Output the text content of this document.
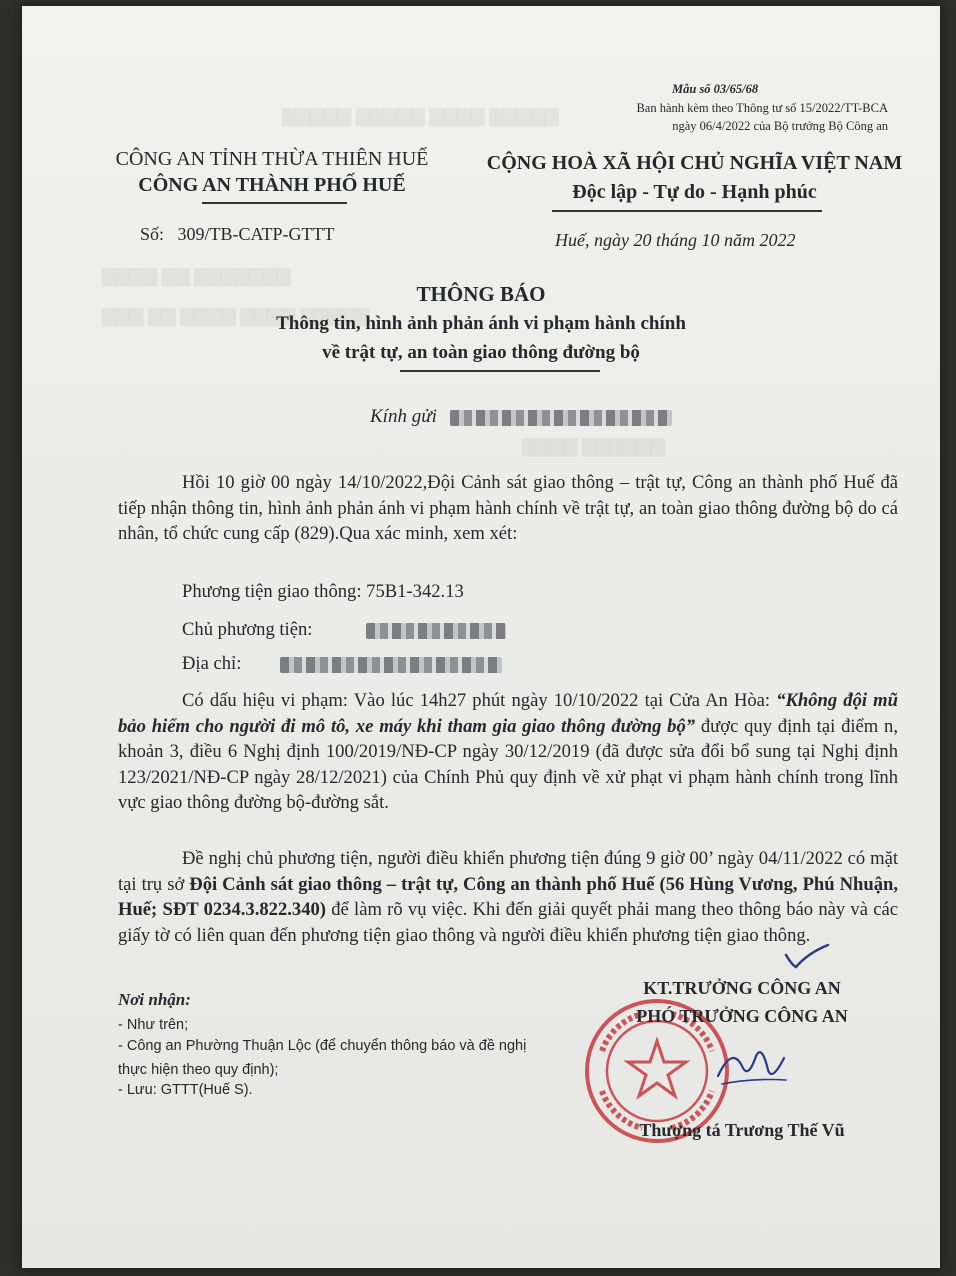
▇▇▇▇▇ ▇▇▇▇▇ ▇▇▇▇ ▇▇▇▇▇
▇▇▇▇ ▇▇ ▇▇▇▇▇▇▇
▇▇▇ ▇▇ ▇▇▇▇ ▇▇▇▇ ▇▇▇▇▇
▇▇▇▇ ▇▇▇▇▇▇
Mẫu số 03/65/68
Ban hành kèm theo Thông tư số 15/2022/TT-BCA
ngày 06/4/2022 của Bộ trưởng Bộ Công an
CÔNG AN TỈNH THỪA THIÊN HUẾ
CÔNG AN THÀNH PHỐ HUẾ
CỘNG HOÀ XÃ HỘI CHỦ NGHĨA VIỆT NAM
Độc lập - Tự do - Hạnh phúc
Số: 309/TB-CATP-GTTT	Huế, ngày 20 tháng 10 năm 2022
THÔNG BÁO
Thông tin, hình ảnh phản ánh vi phạm hành chính
về trật tự, an toàn giao thông đường bộ
Kính gửi
Hồi 10 giờ 00 ngày 14/10/2022,Đội Cảnh sát giao thông – trật tự, Công an thành phố Huế đã tiếp nhận thông tin, hình ảnh phản ánh vi phạm hành chính về trật tự, an toàn giao thông đường bộ do cá nhân, tổ chức cung cấp (829).Qua xác minh, xem xét:
Phương tiện giao thông: 75B1-342.13
Chủ phương tiện:
Địa chỉ:
Có dấu hiệu vi phạm: Vào lúc 14h27 phút ngày 10/10/2022 tại Cửa An Hòa: “Không đội mũ bảo hiểm cho người đi mô tô, xe máy khi tham gia giao thông đường bộ” được quy định tại điểm n, khoản 3, điều 6 Nghị định 100/2019/NĐ-CP ngày 30/12/2019 (đã được sửa đổi bổ sung tại Nghị định 123/2021/NĐ-CP ngày 28/12/2021) của Chính Phủ quy định về xử phạt vi phạm hành chính trong lĩnh vực giao thông đường bộ-đường sắt.
Đề nghị chủ phương tiện, người điều khiển phương tiện đúng 9 giờ 00’ ngày 04/11/2022 có mặt tại trụ sở Đội Cảnh sát giao thông – trật tự, Công an thành phố Huế (56 Hùng Vương, Phú Nhuận, Huế; SĐT 0234.3.822.340) để làm rõ vụ việc. Khi đến giải quyết phải mang theo thông báo này và các giấy tờ có liên quan đến phương tiện giao thông và người điều khiển phương tiện giao thông.
Nơi nhận:
- Như trên;
- Công an Phường Thuận Lộc (để chuyển thông báo và đề nghị thực hiện theo quy định);
- Lưu: GTTT(Huế S).
KT.TRƯỞNG CÔNG AN
PHÓ TRƯỞNG CÔNG AN
Thượng tá Trương Thế Vũ
